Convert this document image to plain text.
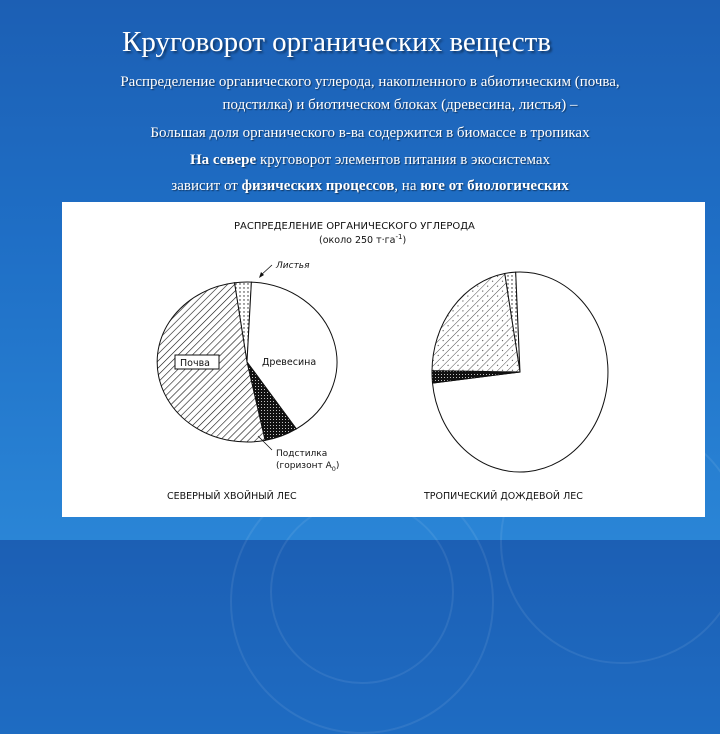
Круговорот органических веществ
Распределение органического углерода, накопленного в абиотическим (почва,
подстилка) и биотическом блоках (древесина, листья) –
Большая доля органического в-ва содержится в биомассе в тропиках
На севере круговорот элементов питания в экосистемах
зависит от физических процессов, на юге от биологических
РАСПРЕДЕЛЕНИЕ ОРГАНИЧЕСКОГО УГЛЕРОДА
(около 250 $т\cdot га^{-1}$)
Листья
Древесина
Почва
Подстилка
(горизонт $А_0$)
СЕВЕРНЫЙ ХВОЙНЫЙ ЛЕС	ТРОПИЧЕСКИЙ ДОЖДЕВОЙ ЛЕС
